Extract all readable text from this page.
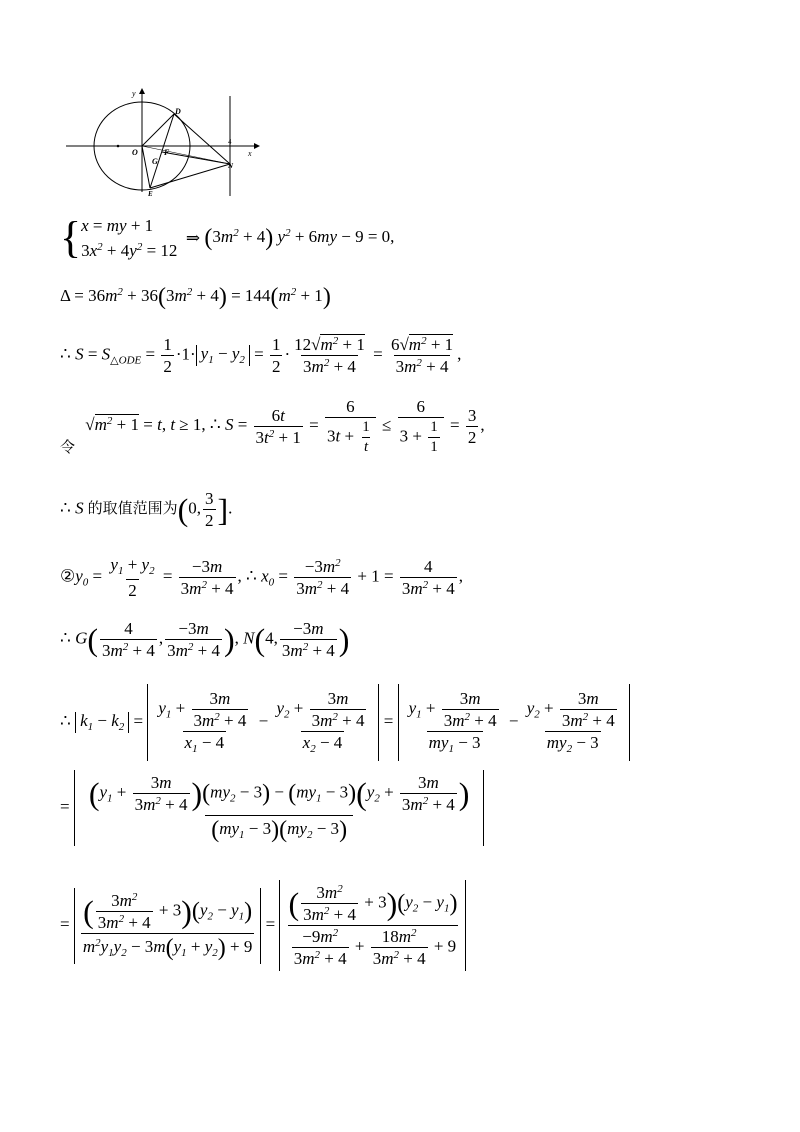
y
x
4
O
D
E
F
G	N
{ x = my + 1
$3x^2 + 4y^2 = 12$
⇒ $(3m^2 + 4) y^2 + 6my - 9 = 0$,
$\Delta = 36m^2 + 36(3m^2 + 4) = 144(m^2 + 1)$
∴ $S = S_{\triangle ODE} = \frac{1}{2} \cdot 1\cdot y_1 - y_2 = \frac{1}{2} \cdot \frac{12√m^2 + 1}{3m^2 + 4} = \frac{6√m^2 + 1}{3m^2 + 4}$ ,
令 $√m^2 + 1 = t$, t ≥ 1, ∴ $S = \frac{6t}{3t^2 + 1} = \frac{6}{3t + \frac{1}{t}} \le \frac{6}{3 + \frac{1}{1}} = \frac{3}{2}$ ,
∴ S 的取值范围为(0, $\frac{3}{2}$ ].
$②y_0 = \frac{y_1 + y_2}{2} = \frac{-3m}{3m^2 + 4}$ , ∴ $x_0 = \frac{-3m^2}{3m^2 + 4} + 1 = \frac{4}{3m^2 + 4}$ ,
∴ $G( \frac{4}{3m^2 + 4}$ , $\frac{-3m}{3m^2 + 4}$ ), N(4, $\frac{-3m}{3m^2 + 4}$ )
∴ $k_1 - k_2 = \frac{y_1 + \frac{3m}{3m^2 + 4}}{x_1 - 4} - \frac{y_2 + \frac{3m}{3m^2 + 4}}{x_2 - 4} = \frac{y_1 + \frac{3m}{3m^2 + 4}}{my_1 - 3} - \frac{y_2 + \frac{3m}{3m^2 + 4}}{my_2 - 3}$
= $\frac{(y_1 + \frac{3m}{3m^2 + 4} )(my_2 - 3) - (my_1 - 3)(y_2 + \frac{3m}{3m^2 + 4} )}{(my_1 - 3)(my_2 - 3)}$
= $\frac{( \frac{3m^2}{3m^2 + 4} + 3)(y_2 - y_1)}{m^2y_1y_2 - 3m(y_1 + y_2) + 9} = \frac{( \frac{3m^2}{3m^2 + 4} + 3)(y_2 - y_1)}{\frac{-9m^2}{3m^2 + 4} + \frac{18m^2}{3m^2 + 4} + 9}$
